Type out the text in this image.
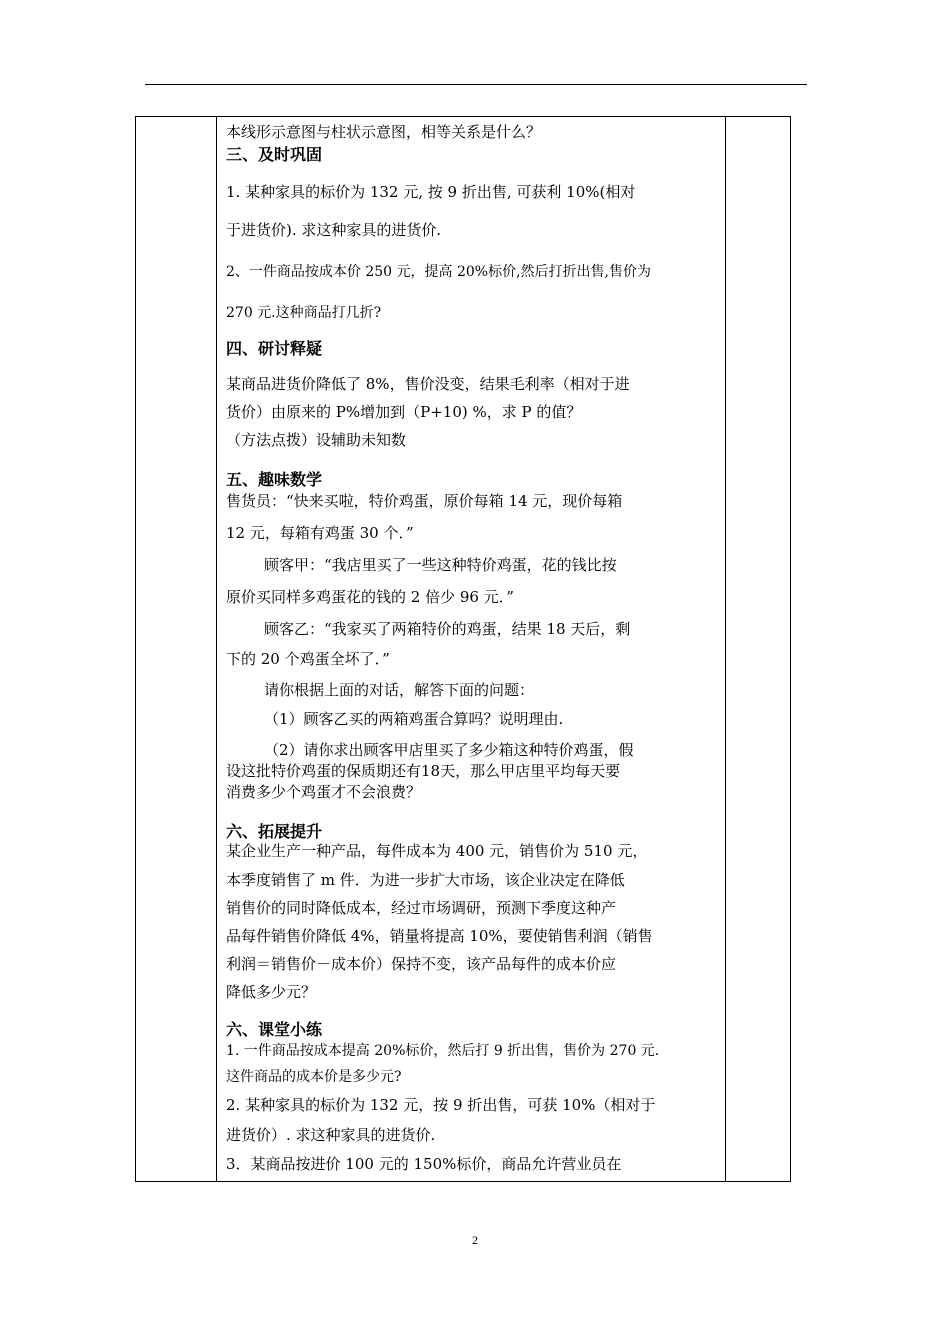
本线形示意图与柱状示意图，相等关系是什么？
三、及时巩固
1. 某种家具的标价为 132 元, 按 9 折出售, 可获利 10%(相对
于进货价). 求这种家具的进货价.
2、一件商品按成本价 250 元，提高 20%标价,然后打折出售,售价为
270 元.这种商品打几折?
四、研讨释疑
某商品进货价降低了 8%，售价没变，结果毛利率（相对于进
货价）由原来的 P%增加到（P+10) %，求 P 的值？
（方法点拨）设辅助未知数
五、趣味数学
售货员：“快来买啦，特价鸡蛋，原价每箱 14 元，现价每箱
12 元，每箱有鸡蛋 30 个．”
顾客甲：“我店里买了一些这种特价鸡蛋，花的钱比按
原价买同样多鸡蛋花的钱的 2 倍少 96 元．”
顾客乙：“我家买了两箱特价的鸡蛋，结果 18 天后，剩
下的 20 个鸡蛋全坏了．”
请你根据上面的对话，解答下面的问题：
（1）顾客乙买的两箱鸡蛋合算吗？说明理由.
（2）请你求出顾客甲店里买了多少箱这种特价鸡蛋，假
设这批特价鸡蛋的保质期还有18天，那么甲店里平均每天要
消费多少个鸡蛋才不会浪费？
六、拓展提升
某企业生产一种产品，每件成本为 400 元，销售价为 510 元，
本季度销售了 m 件．为进一步扩大市场，该企业决定在降低
销售价的同时降低成本，经过市场调研，预测下季度这种产
品每件销售价降低 4%，销量将提高 10%，要使销售利润（销售
利润＝销售价－成本价）保持不变，该产品每件的成本价应
降低多少元？
六、课堂小练
1. 一件商品按成本提高 20%标价，然后打 9 折出售，售价为 270 元.
这件商品的成本价是多少元?
2. 某种家具的标价为 132 元，按 9 折出售，可获 10%（相对于
进货价）. 求这种家具的进货价.
3．某商品按进价 100 元的 150%标价，商品允许营业员在
2
